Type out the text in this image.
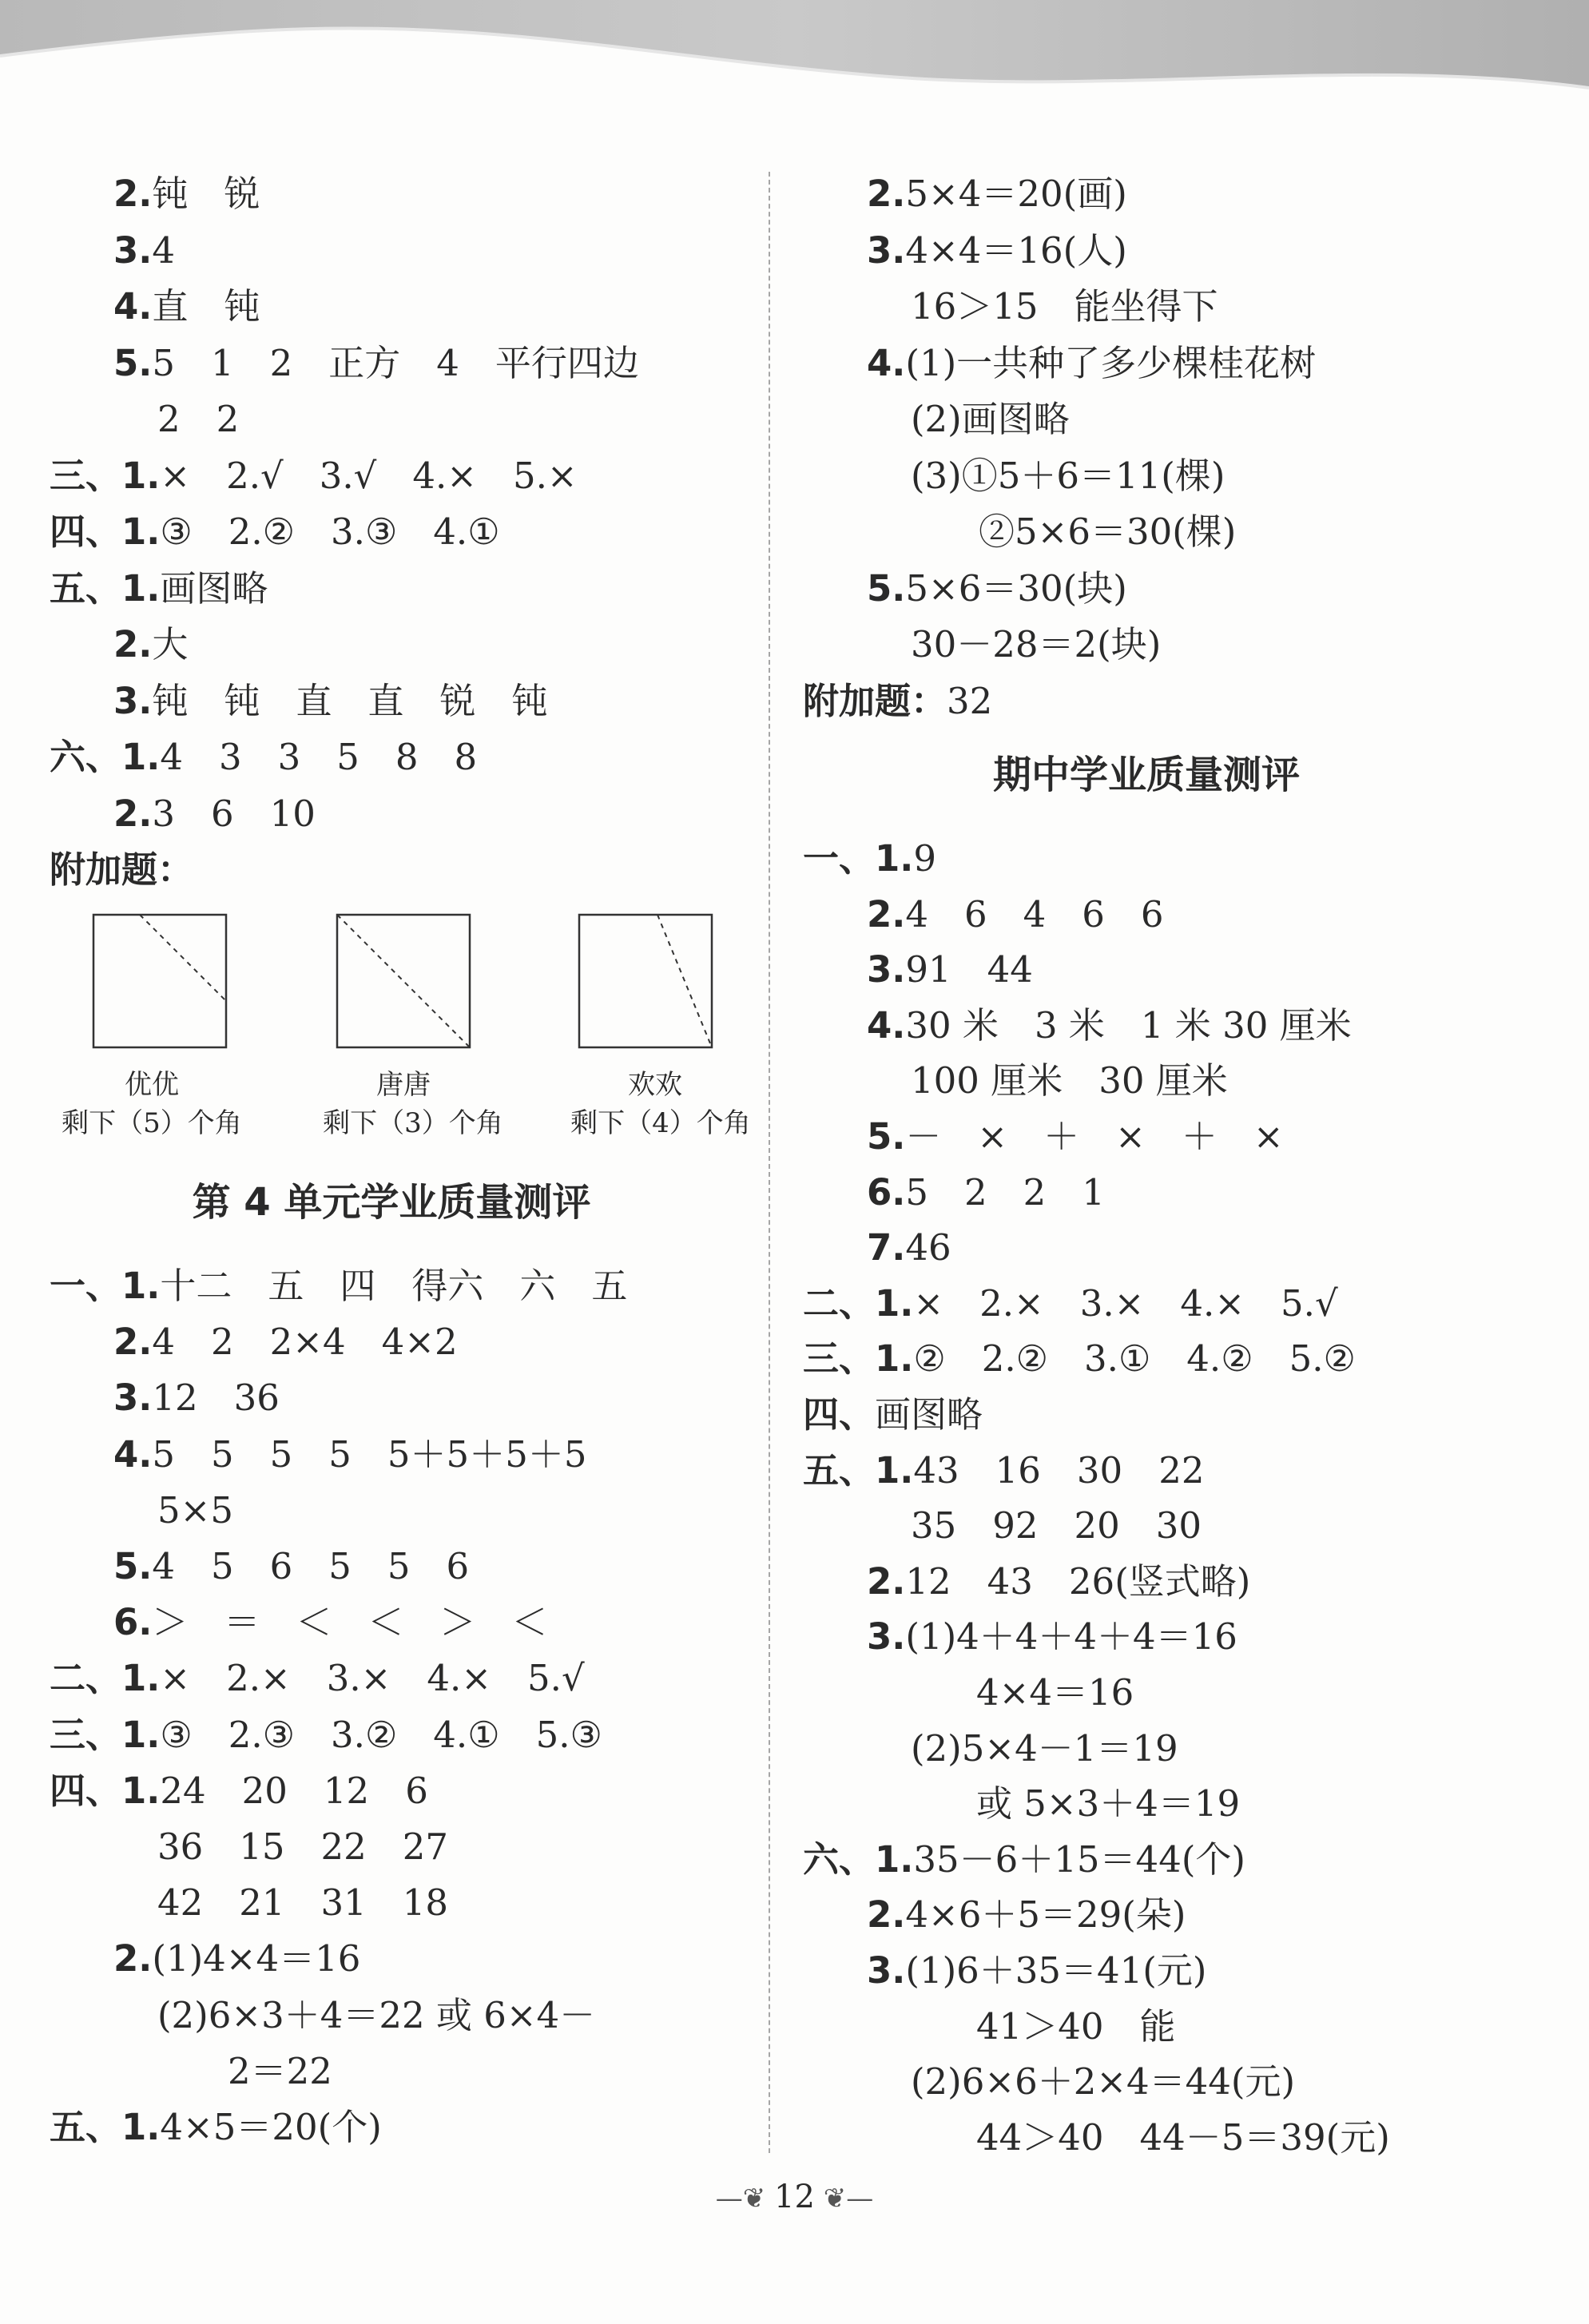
2.钝　锐
3.4
4.直　钝
5.5　1　2　正方　4　平行四边
2　2
三、1.×　2.√　3.√　4.×　5.×
四、1.③　2.②　3.③　4.①
五、1.画图略
2.大
3.钝　钝　直　直　锐　钝
六、1.4　3　3　5　8　8
2.3　6　10
附加题：
优优	唐唐	欢欢
剩下（5）个角	剩下（3）个角	剩下（4）个角
第 4 单元学业质量测评
一、1.十二　五　四　得六　六　五
2.4　2　2×4　4×2
3.12　36
4.5　5　5　5　5＋5＋5＋5
5×5
5.4　5　6　5　5　6
6.＞　＝　＜　＜　＞　＜
二、1.×　2.×　3.×　4.×　5.√
三、1.③　2.③　3.②　4.①　5.③
四、1.24　20　12　6
36　15　22　27
42　21　31　18
2.(1)4×4＝16
(2)6×3＋4＝22 或 6×4－
2＝22
五、1.4×5＝20(个)
2.5×4＝20(画)
3.4×4＝16(人)
16＞15　能坐得下
4.(1)一共种了多少棵桂花树
(2)画图略
(3)①5＋6＝11(棵)
②5×6＝30(棵)
5.5×6＝30(块)
30－28＝2(块)
附加题：32
期中学业质量测评
一、1.9
2.4　6　4　6　6
3.91　44
4.30 米　3 米　1 米 30 厘米
100 厘米　30 厘米
5.－　×　＋　×　＋　×
6.5　2　2　1
7.46
二、1.×　2.×　3.×　4.×　5.√
三、1.②　2.②　3.①　4.②　5.②
四、画图略
五、1.43　16　30　22
35　92　20　30
2.12　43　26(竖式略)
3.(1)4＋4＋4＋4＝16
4×4＝16
(2)5×4－1＝19
或 5×3＋4＝19
六、1.35－6＋15＝44(个)
2.4×6＋5＝29(朵)
3.(1)6＋35＝41(元)
41＞40　能
(2)6×6＋2×4＝44(元)
44＞40　44－5＝39(元)
—❦ 12 ❦—
